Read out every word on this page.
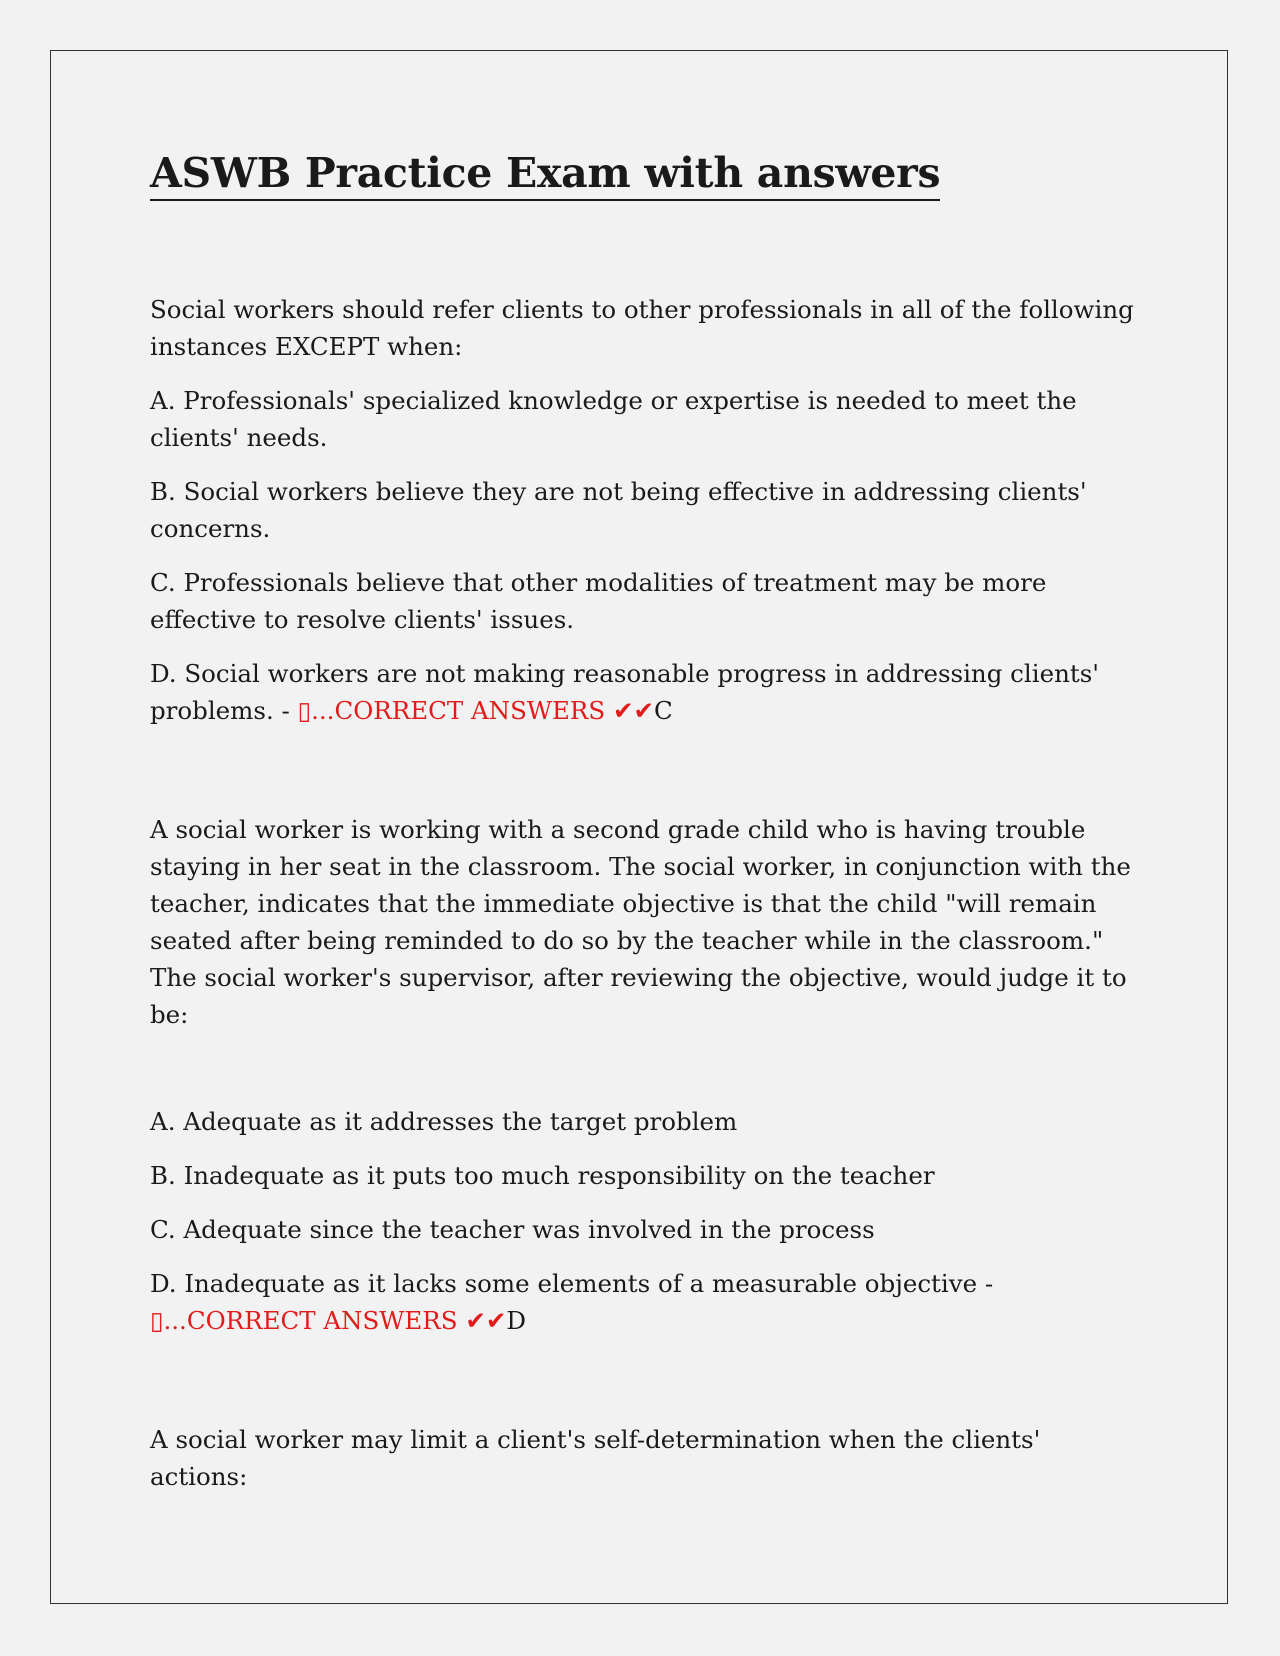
ASWB Practice Exam with answers

Social workers should refer clients to other professionals in all of the following instances EXCEPT when:

A. Professionals' specialized knowledge or expertise is needed to meet the clients' needs.

B. Social workers believe they are not being effective in addressing clients' concerns.

C. Professionals believe that other modalities of treatment may be more effective to resolve clients' issues.

D. Social workers are not making reasonable progress in addressing clients' problems. - ▯...CORRECT ANSWERS ✔✔C

A social worker is working with a second grade child who is having trouble staying in her seat in the classroom. The social worker, in conjunction with the teacher, indicates that the immediate objective is that the child "will remain seated after being reminded to do so by the teacher while in the classroom." The social worker's supervisor, after reviewing the objective, would judge it to be:

A. Adequate as it addresses the target problem

B. Inadequate as it puts too much responsibility on the teacher

C. Adequate since the teacher was involved in the process

D. Inadequate as it lacks some elements of a measurable objective - ▯...CORRECT ANSWERS ✔✔D

A social worker may limit a client's self-determination when the clients' actions:
